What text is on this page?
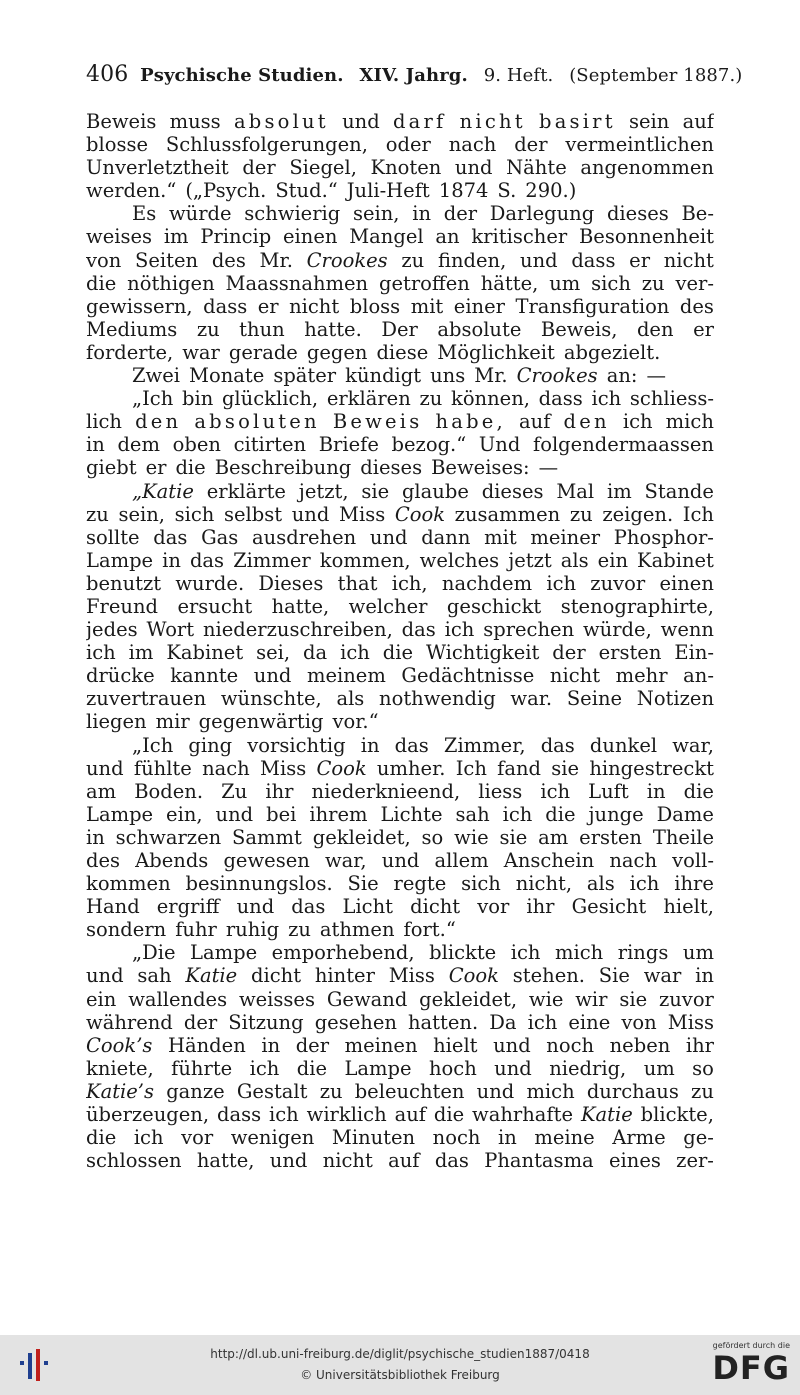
406 Psychische Studien. XIV. Jahrg. 9. Heft. (September 1887.)
Beweis muss absolut und darf nicht basirt sein auf
blosse Schlussfolgerungen, oder nach der vermeintlichen
Unverletztheit der Siegel, Knoten und Nähte angenommen
werden.“ („Psych. Stud.“ Juli-Heft 1874 S. 290.)
Es würde schwierig sein, in der Darlegung dieses Be-
weises im Princip einen Mangel an kritischer Besonnenheit
von Seiten des Mr. Crookes zu finden, und dass er nicht
die nöthigen Maassnahmen getroffen hätte, um sich zu ver-
gewissern, dass er nicht bloss mit einer Transfiguration des
Mediums zu thun hatte. Der absolute Beweis, den er
forderte, war gerade gegen diese Möglichkeit abgezielt.
Zwei Monate später kündigt uns Mr. Crookes an: —
„Ich bin glücklich, erklären zu können, dass ich schliess-
lich den absoluten Beweis habe, auf den ich mich
in dem oben citirten Briefe bezog.“ Und folgendermaassen
giebt er die Beschreibung dieses Beweises: —
„Katie erklärte jetzt, sie glaube dieses Mal im Stande
zu sein, sich selbst und Miss Cook zusammen zu zeigen. Ich
sollte das Gas ausdrehen und dann mit meiner Phosphor-
Lampe in das Zimmer kommen, welches jetzt als ein Kabinet
benutzt wurde. Dieses that ich, nachdem ich zuvor einen
Freund ersucht hatte, welcher geschickt stenographirte,
jedes Wort niederzuschreiben, das ich sprechen würde, wenn
ich im Kabinet sei, da ich die Wichtigkeit der ersten Ein-
drücke kannte und meinem Gedächtnisse nicht mehr an-
zuvertrauen wünschte, als nothwendig war. Seine Notizen
liegen mir gegenwärtig vor.“
„Ich ging vorsichtig in das Zimmer, das dunkel war,
und fühlte nach Miss Cook umher. Ich fand sie hingestreckt
am Boden. Zu ihr niederknieend, liess ich Luft in die
Lampe ein, und bei ihrem Lichte sah ich die junge Dame
in schwarzen Sammt gekleidet, so wie sie am ersten Theile
des Abends gewesen war, und allem Anschein nach voll-
kommen besinnungslos. Sie regte sich nicht, als ich ihre
Hand ergriff und das Licht dicht vor ihr Gesicht hielt,
sondern fuhr ruhig zu athmen fort.“
„Die Lampe emporhebend, blickte ich mich rings um
und sah Katie dicht hinter Miss Cook stehen. Sie war in
ein wallendes weisses Gewand gekleidet, wie wir sie zuvor
während der Sitzung gesehen hatten. Da ich eine von Miss
Cook’s Händen in der meinen hielt und noch neben ihr
kniete, führte ich die Lampe hoch und niedrig, um so
Katie’s ganze Gestalt zu beleuchten und mich durchaus zu
überzeugen, dass ich wirklich auf die wahrhafte Katie blickte,
die ich vor wenigen Minuten noch in meine Arme ge-
schlossen hatte, und nicht auf das Phantasma eines zer-
http://dl.ub.uni-freiburg.de/diglit/psychische_studien1887/0418
© Universitätsbibliothek Freiburg
gefördert durch die
DFG
